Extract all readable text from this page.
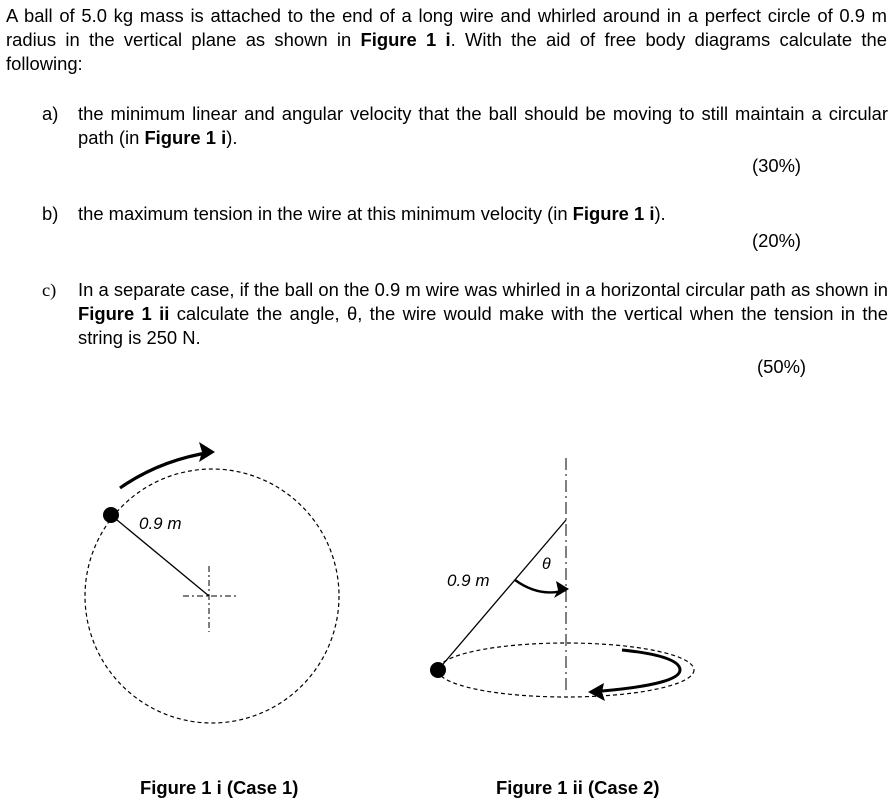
A ball of 5.0 kg mass is attached to the end of a long wire and whirled around in a perfect circle of 0.9 m radius in the vertical plane as shown in Figure 1 i. With the aid of free body diagrams calculate the following:

a) the minimum linear and angular velocity that the ball should be moving to still maintain a circular path (in Figure 1 i).
(30%)
b) the maximum tension in the wire at this minimum velocity (in Figure 1 i).
(20%)
c) In a separate case, if the ball on the 0.9 m wire was whirled in a horizontal circular path as shown in Figure 1 ii calculate the angle, θ, the wire would make with the vertical when the tension in the string is 250 N.
(50%)
0.9 m
θ
0.9 m
Figure 1 i (Case 1)	Figure 1 ii (Case 2)
